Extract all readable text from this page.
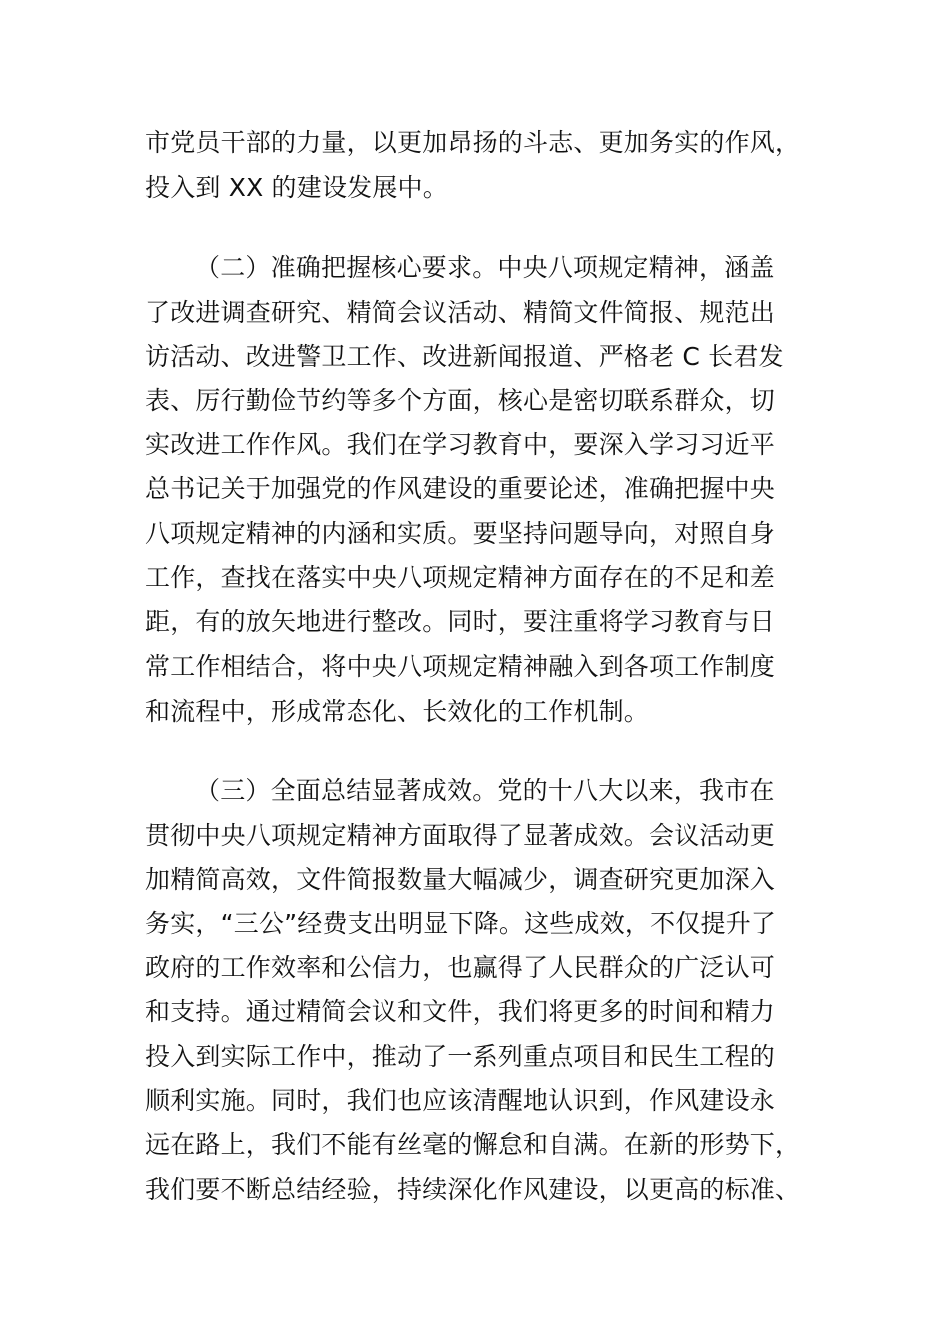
市党员干部的力量，以更加昂扬的斗志、更加务实的作风，
投入到 XX 的建设发展中。
（二）准确把握核心要求。中央八项规定精神，涵盖
了改进调查研究、精简会议活动、精简文件简报、规范出
访活动、改进警卫工作、改进新闻报道、严格老 C 长君发
表、厉行勤俭节约等多个方面，核心是密切联系群众，切
实改进工作作风。我们在学习教育中，要深入学习习近平
总书记关于加强党的作风建设的重要论述，准确把握中央
八项规定精神的内涵和实质。要坚持问题导向，对照自身
工作，查找在落实中央八项规定精神方面存在的不足和差
距，有的放矢地进行整改。同时，要注重将学习教育与日
常工作相结合，将中央八项规定精神融入到各项工作制度
和流程中，形成常态化、长效化的工作机制。
（三）全面总结显著成效。党的十八大以来，我市在
贯彻中央八项规定精神方面取得了显著成效。会议活动更
加精简高效，文件简报数量大幅减少，调查研究更加深入
务实，“三公”经费支出明显下降。这些成效，不仅提升了
政府的工作效率和公信力，也赢得了人民群众的广泛认可
和支持。通过精简会议和文件，我们将更多的时间和精力
投入到实际工作中，推动了一系列重点项目和民生工程的
顺利实施。同时，我们也应该清醒地认识到，作风建设永
远在路上，我们不能有丝毫的懈怠和自满。在新的形势下，
我们要不断总结经验，持续深化作风建设，以更高的标准、
